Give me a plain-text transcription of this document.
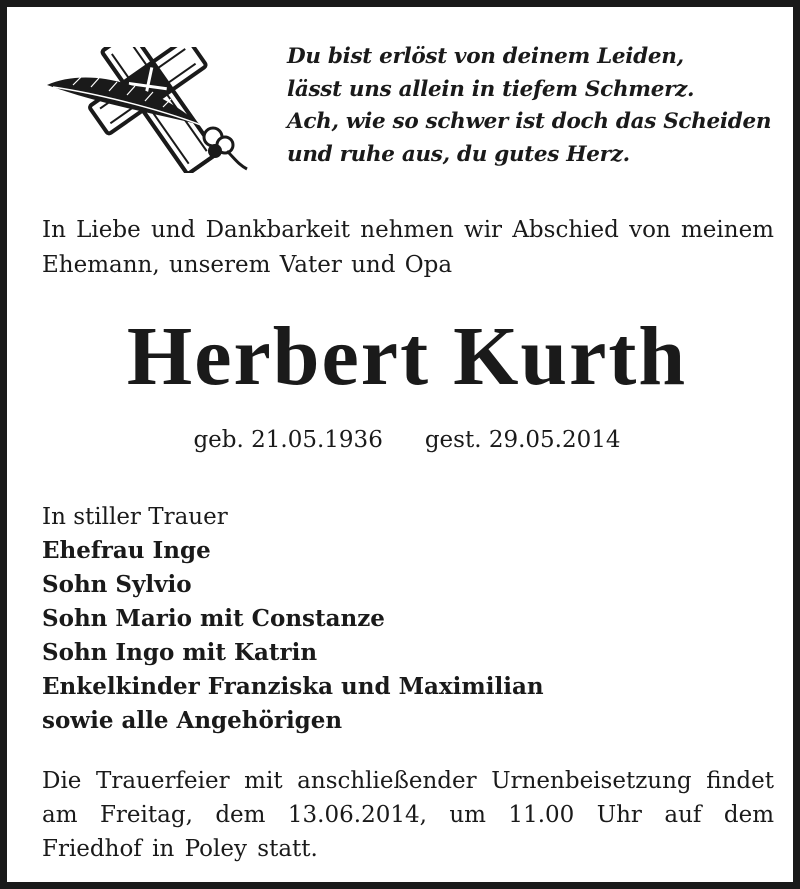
Du bist erlöst von deinem Leiden,
lässt uns allein in tiefem Schmerz.
Ach, wie so schwer ist doch das Scheiden
und ruhe aus, du gutes Herz.
In Liebe und Dankbarkeit nehmen wir Abschied von meinem Ehemann, unserem Vater und Opa
Herbert Kurth
geb. 21.05.1936 gest. 29.05.2014
In stiller Trauer
Ehefrau Inge
Sohn Sylvio
Sohn Mario mit Constanze
Sohn Ingo mit Katrin
Enkelkinder Franziska und Maximilian
sowie alle Angehörigen
Die Trauerfeier mit anschließender Urnenbeisetzung findet am Freitag, dem 13.06.2014, um 11.00 Uhr auf dem Friedhof in Poley statt.
